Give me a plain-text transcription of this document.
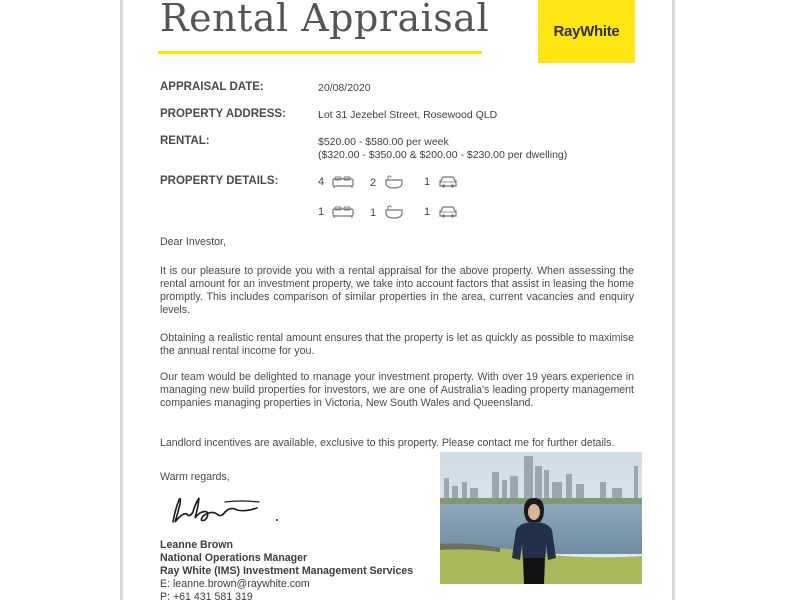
Rental Appraisal	RayWhite
APPRAISAL DATE:	20/08/2020
PROPERTY ADDRESS:	Lot 31 Jezebel Street, Rosewood QLD
RENTAL:	$520.00 - $580.00 per week
($320.00 - $350.00 & $200.00 - $230.00 per dwelling)
PROPERTY DETAILS:	4	2	1
1	1	1
Dear Investor,
It is our pleasure to provide you with a rental appraisal for the above property. When assessing the rental amount for an investment property, we take into account factors that assist in leasing the home promptly. This includes comparison of similar properties in the area, current vacancies and enquiry levels.
Obtaining a realistic rental amount ensures that the property is let as quickly as possible to maximise the annual rental income for you.
Our team would be delighted to manage your investment property. With over 19 years experience in managing new build properties for investors, we are one of Australia's leading property management companies managing properties in Victoria, New South Wales and Queensland.
Landlord incentives are available, exclusive to this property. Please contact me for further details.
Warm regards,
Leanne Brown
National Operations Manager
Ray White (IMS) Investment Management Services
E: leanne.brown@raywhite.com
P: +61 431 581 319
